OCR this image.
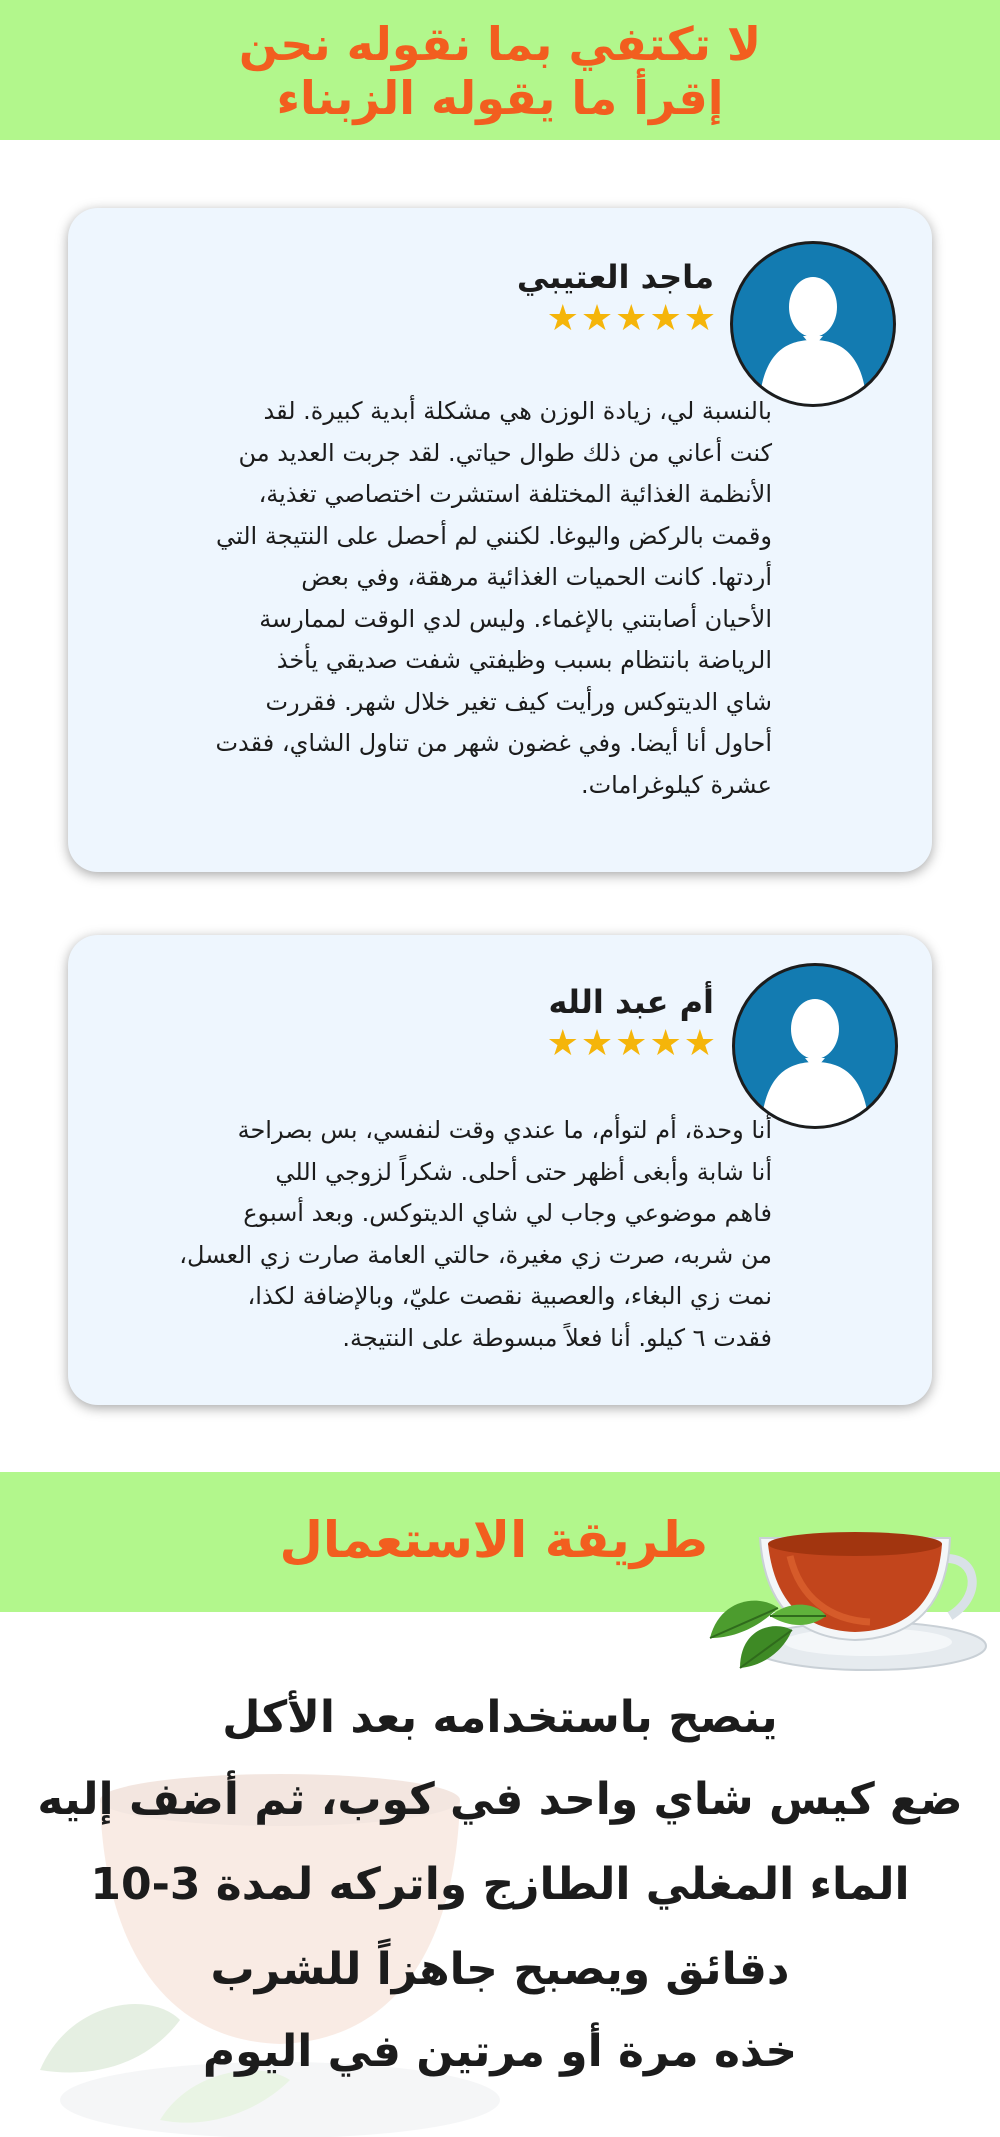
لا تكتفي بما نقوله نحن
إقرأ ما يقوله الزبناء
ماجد العتيبي
★★★★★
بالنسبة لي، زيادة الوزن هي مشكلة أبدية كبيرة. لقد
كنت أعاني من ذلك طوال حياتي. لقد جربت العديد من
الأنظمة الغذائية المختلفة استشرت اختصاصي تغذية،
وقمت بالركض واليوغا. لكنني لم أحصل على النتيجة التي
أردتها. كانت الحميات الغذائية مرهقة، وفي بعض
الأحيان أصابتني بالإغماء. وليس لدي الوقت لممارسة
الرياضة بانتظام بسبب وظيفتي شفت صديقي يأخذ
شاي الديتوكس ورأيت كيف تغير خلال شهر. فقررت
أحاول أنا أيضا. وفي غضون شهر من تناول الشاي، فقدت
عشرة كيلوغرامات.
أم عبد الله
★★★★★
أنا وحدة، أم لتوأم، ما عندي وقت لنفسي، بس بصراحة
أنا شابة وأبغى أظهر حتى أحلى. شكراً لزوجي اللي
فاهم موضوعي وجاب لي شاي الديتوكس. وبعد أسبوع
من شربه، صرت زي مغيرة، حالتي العامة صارت زي العسل،
نمت زي البغاء، والعصبية نقصت عليّ، وبالإضافة لكذا،
فقدت ٦ كيلو. أنا فعلاً مبسوطة على النتيجة.
طريقة الاستعمال
ينصح باستخدامه بعد الأكل
ضع كيس شاي واحد في كوب، ثم أضف إليه
الماء المغلي الطازج واتركه لمدة 3-10
دقائق ويصبح جاهزاً للشرب
خذه مرة أو مرتين في اليوم
